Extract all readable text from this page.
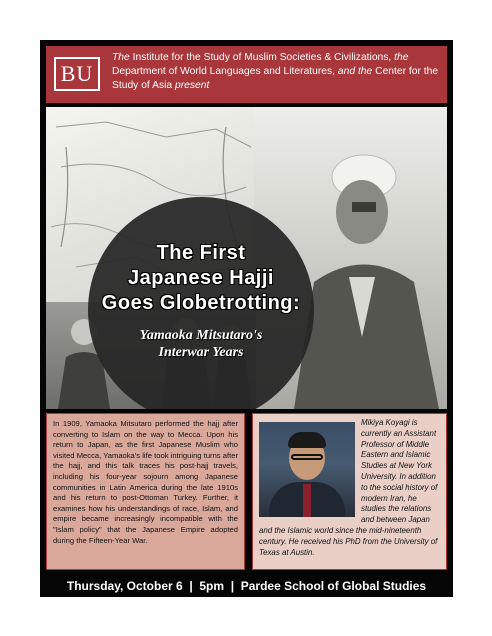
BU
The Institute for the Study of Muslim Societies & Civilizations, the Department of World Languages and Literatures, and the Center for the Study of Asia present
The First
Japanese Hajji
Goes Globetrotting:
Yamaoka Mitsutaro's
Interwar Years
In 1909, Yamaoka Mitsutaro performed the hajj after converting to Islam on the way to Mecca. Upon his return to Japan, as the first Japanese Muslim who visited Mecca, Yamaoka's life took intriguing turns after the hajj, and this talk traces his post-hajj travels, including his four-year sojourn among Japanese communities in Latin America during the late 1910s and his return to post-Ottoman Turkey. Further, it examines how his understandings of race, Islam, and empire became increasingly incompatible with the "Islam policy" that the Japanese Empire adopted during the Fifteen-Year War.
Mikiya Koyagi is currently an Assistant Professor of Middle Eastern and Islamic Studies at New York University. In addition to the social history of modern Iran, he studies the relations and between Japan and the Islamic world since the mid-nineteenth century. He received his PhD from the University of Texas at Austin.
Thursday, October 6  |  5pm  |  Pardee School of Global Studies
121 Bay State Road
